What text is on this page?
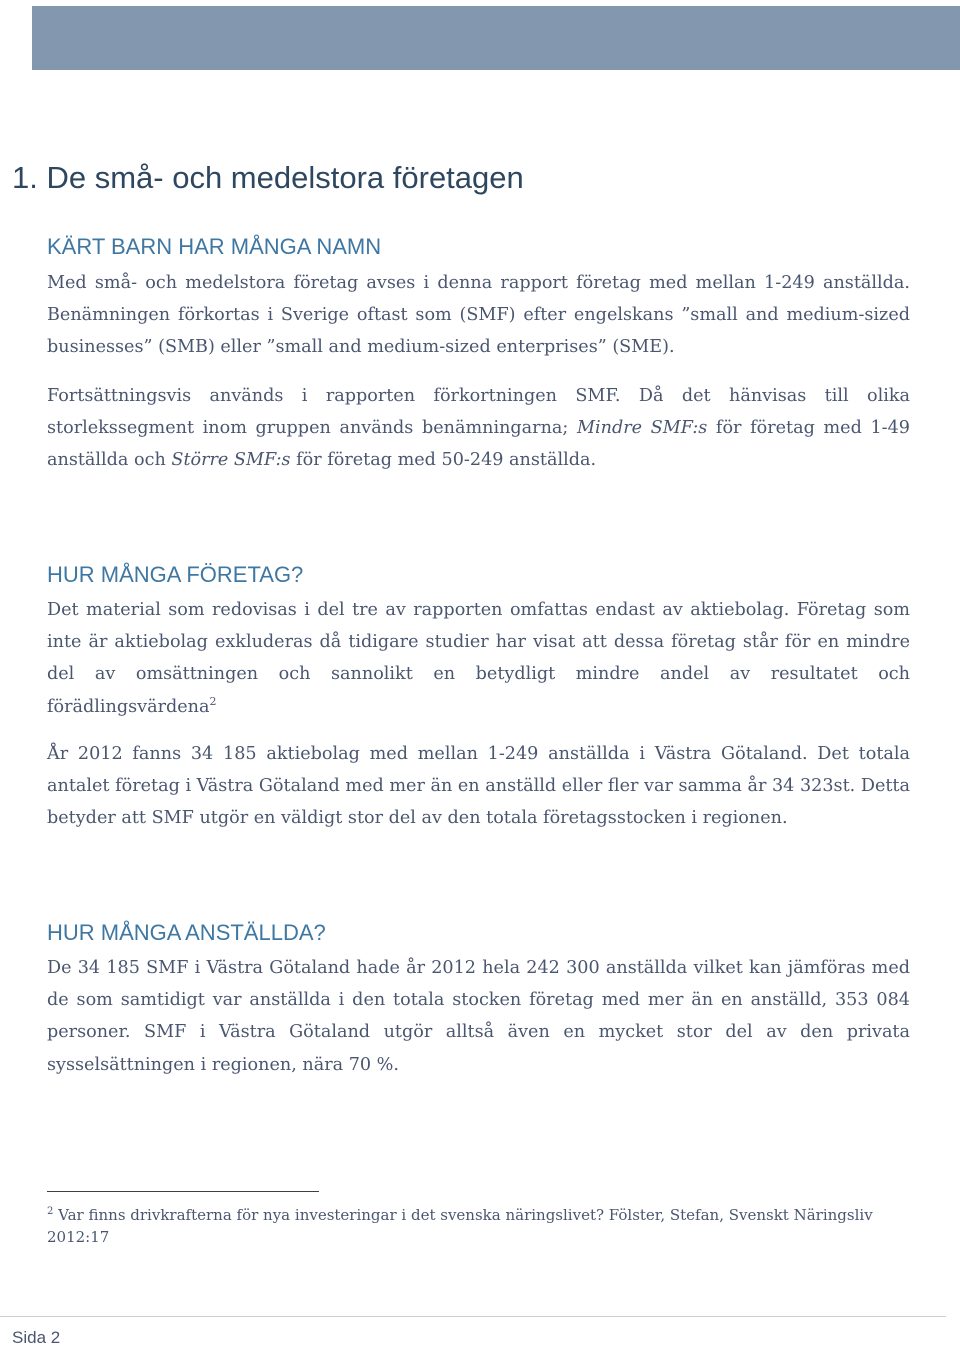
1. De små- och medelstora företagen
KÄRT BARN HAR MÅNGA NAMN

Med små- och medelstora företag avses i denna rapport företag med mellan 1-249 anställda. Benämningen förkortas i Sverige oftast som (SMF) efter engelskans ”small and medium-sized businesses” (SMB) eller ”small and medium-sized enterprises” (SME).

Fortsättningsvis används i rapporten förkortningen SMF. Då det hänvisas till olika storlekssegment inom gruppen används benämningarna; Mindre SMF:s för företag med 1-49 anställda och Större SMF:s för företag med 50-249 anställda.

HUR MÅNGA FÖRETAG?

Det material som redovisas i del tre av rapporten omfattas endast av aktiebolag. Företag som inte är aktiebolag exkluderas då tidigare studier har visat att dessa företag står för en mindre del av omsättningen och sannolikt en betydligt mindre andel av resultatet och förädlingsvärdena$^2$

År 2012 fanns 34 185 aktiebolag med mellan 1-249 anställda i Västra Götaland. Det totala antalet företag i Västra Götaland med mer än en anställd eller fler var samma år 34 323st. Detta betyder att SMF utgör en väldigt stor del av den totala företagsstocken i regionen.

HUR MÅNGA ANSTÄLLDA?

De 34 185 SMF i Västra Götaland hade år 2012 hela 242 300 anställda vilket kan jämföras med de som samtidigt var anställda i den totala stocken företag med mer än en anställd, 353 084 personer. SMF i Västra Götaland utgör alltså även en mycket stor del av den privata sysselsättningen i regionen, nära 70 %.

$^2$ Var finns drivkrafterna för nya investeringar i det svenska näringslivet? Fölster, Stefan, Svenskt Näringsliv 2012:17

Sida 2
